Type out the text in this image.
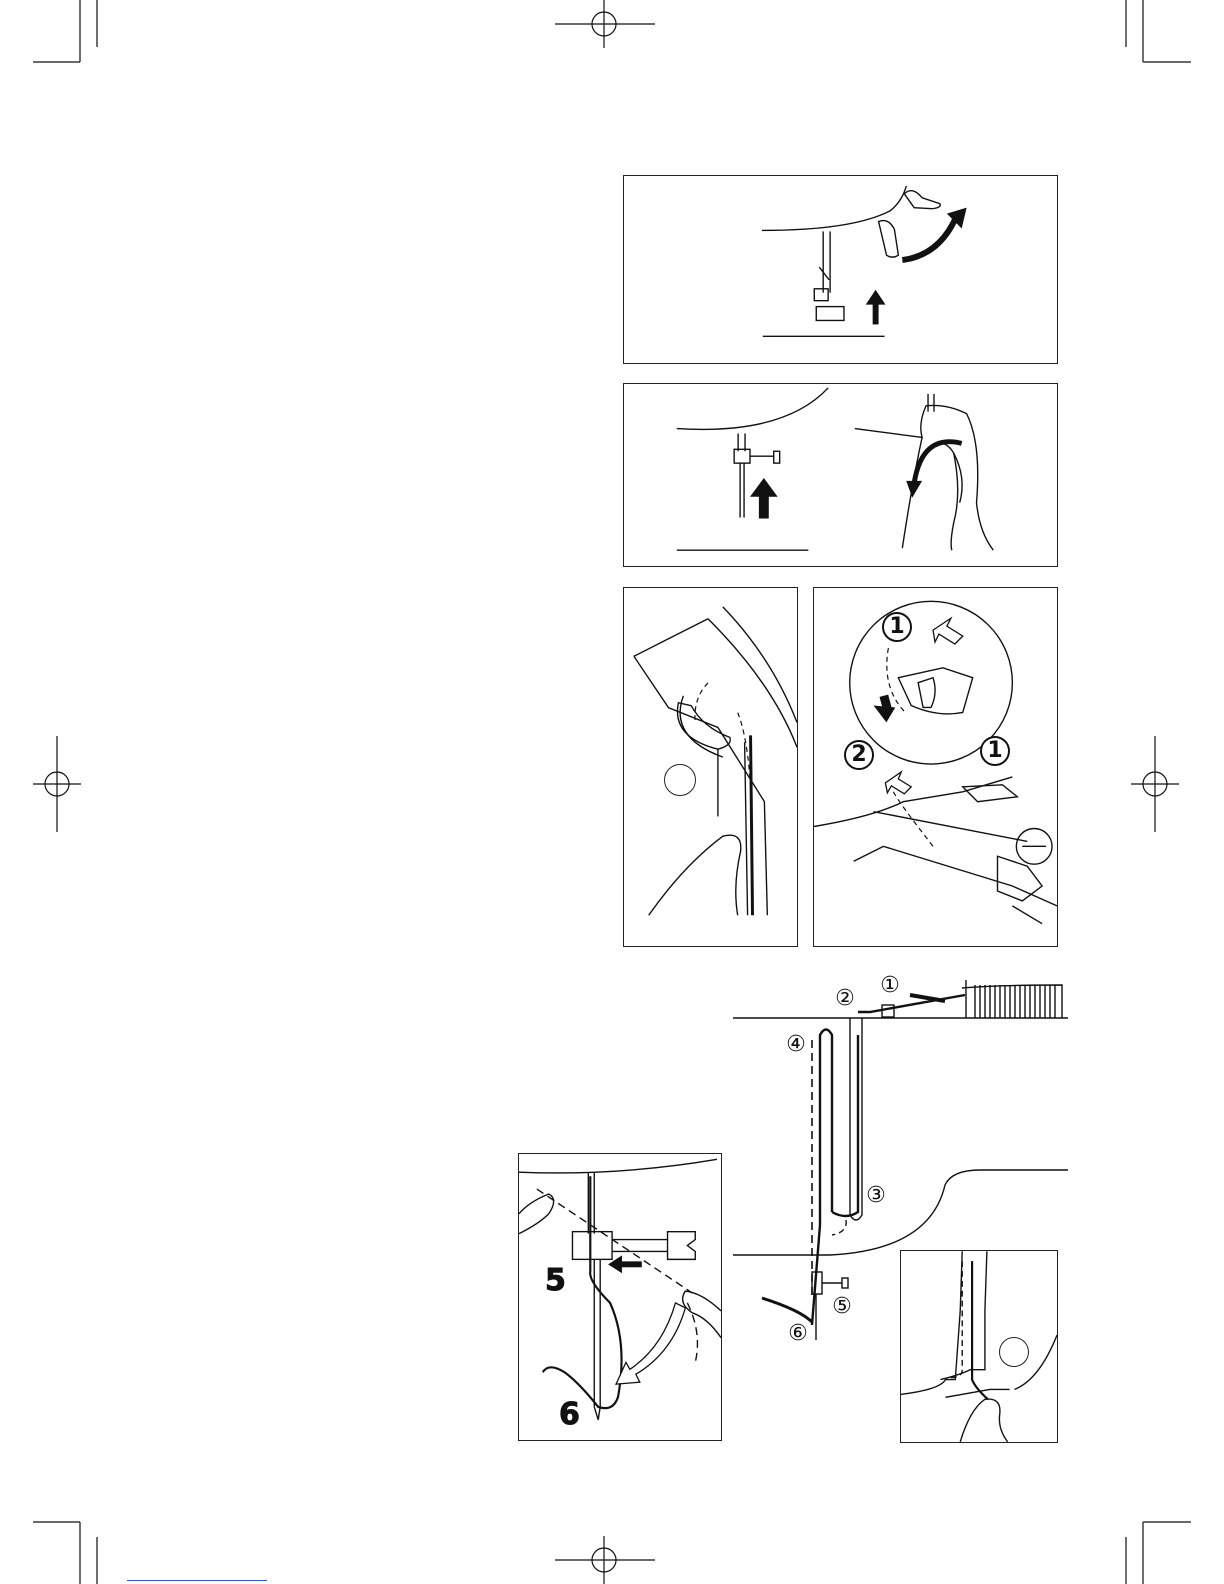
1
2	1
①
②
③
④
⑤
⑥
5
6
